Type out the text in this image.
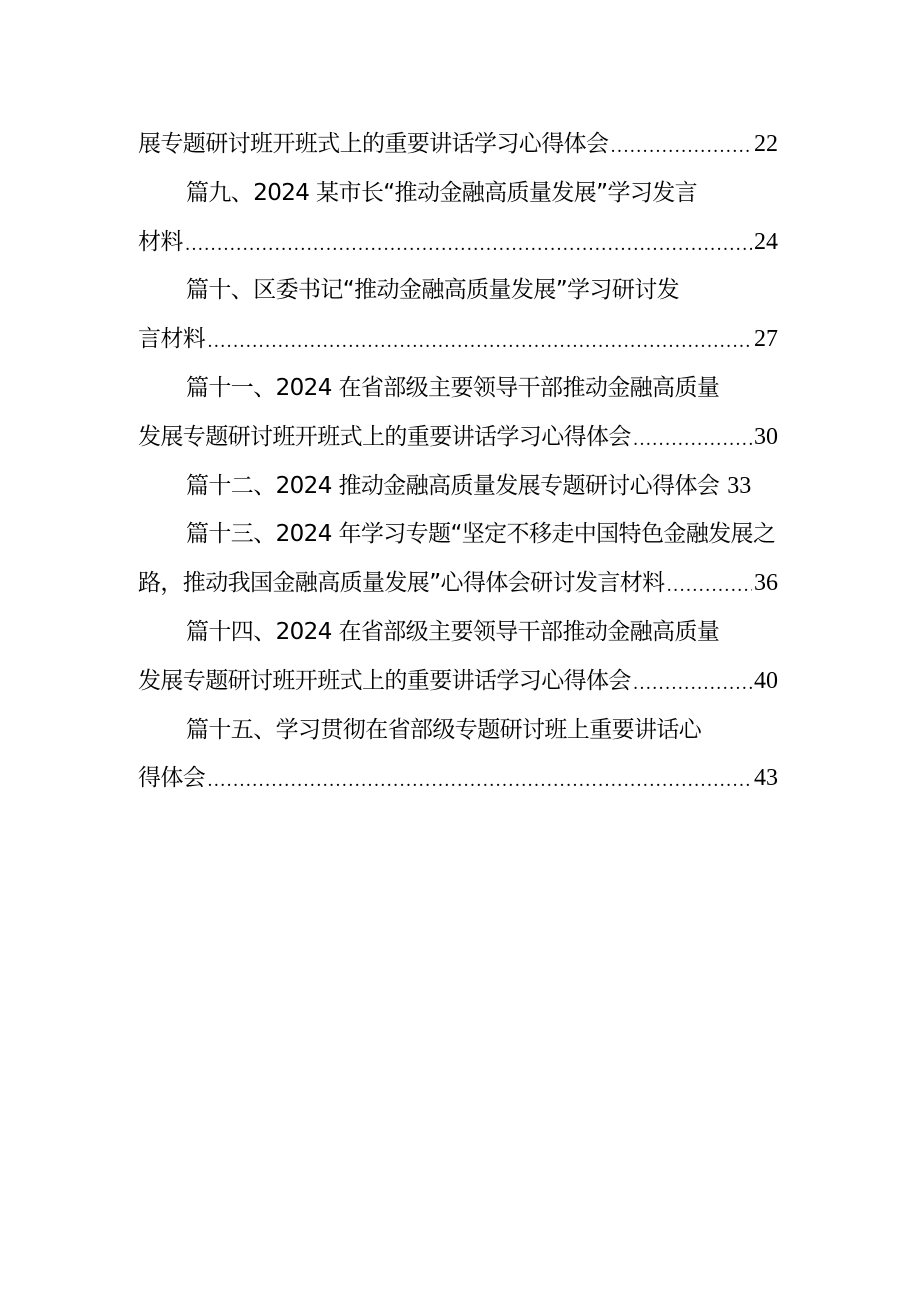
展专题研讨班开班式上的重要讲话学习心得体会 .....	22
篇九、2024 某市长“推动金融高质量发展”学习发言
材料 .....	24
篇十、区委书记“推动金融高质量发展”学习研讨发
言材料 .....	27
篇十一、2024 在省部级主要领导干部推动金融高质量
发展专题研讨班开班式上的重要讲话学习心得体会 .....	30
篇十二、2024 推动金融高质量发展专题研讨心得体会 33
篇十三、2024 年学习专题“坚定不移走中国特色金融发展之
路，推动我国金融高质量发展”心得体会研讨发言材料 .....	36
篇十四、2024 在省部级主要领导干部推动金融高质量
发展专题研讨班开班式上的重要讲话学习心得体会 .....	40
篇十五、学习贯彻在省部级专题研讨班上重要讲话心
得体会 .....	43
